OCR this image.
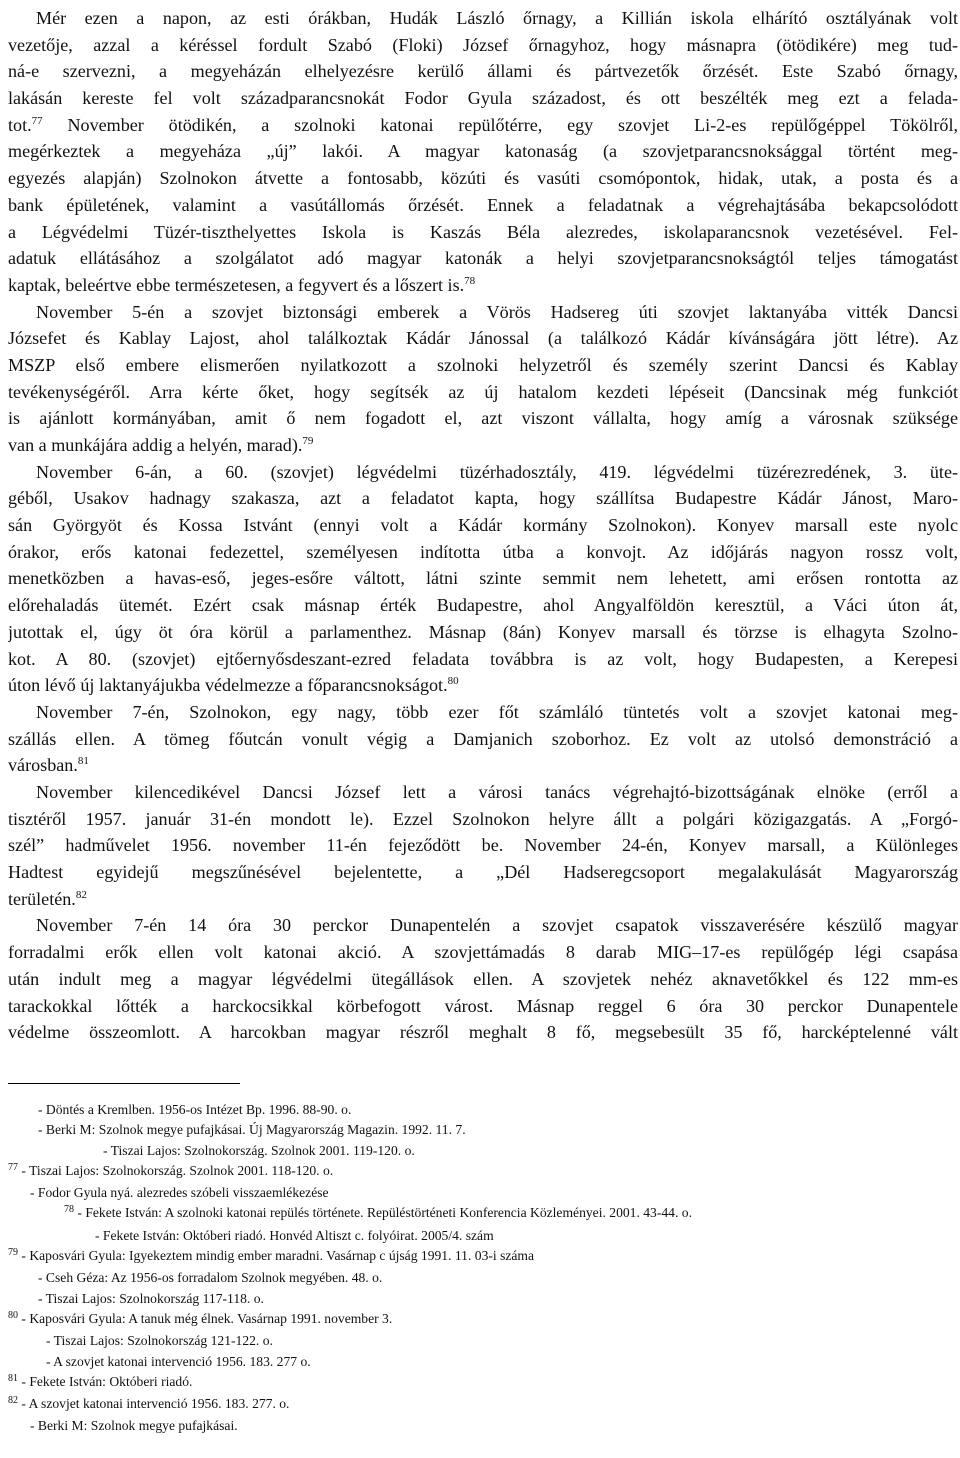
Mér ezen a napon, az esti órákban, Hudák László őrnagy, a Killián iskola elhárító osztályának volt
vezetője, azzal a kéréssel fordult Szabó (Floki) József őrnagyhoz, hogy másnapra (ötödikére) meg tud-
ná-e szervezni, a megyeházán elhelyezésre kerülő állami és pártvezetők őrzését. Este Szabó őrnagy,
lakásán kereste fel volt századparancsnokát Fodor Gyula századost, és ott beszélték meg ezt a felada-
tot.$^{77}$ November ötödikén, a szolnoki katonai repülőtérre, egy szovjet Li-2-es repülőgéppel Tökölről,
megérkeztek a megyeháza „új” lakói. A magyar katonaság (a szovjetparancsnoksággal történt meg-
egyezés alapján) Szolnokon átvette a fontosabb, közúti és vasúti csomópontok, hidak, utak, a posta és a
bank épületének, valamint a vasútállomás őrzését. Ennek a feladatnak a végrehajtásába bekapcsolódott
a Légvédelmi Tüzér-tiszthelyettes Iskola is Kaszás Béla alezredes, iskolaparancsnok vezetésével. Fel-
adatuk ellátásához a szolgálatot adó magyar katonák a helyi szovjetparancsnokságtól teljes támogatást
kaptak, beleértve ebbe természetesen, a fegyvert és a lőszert is.$^{78}$
November 5-én a szovjet biztonsági emberek a Vörös Hadsereg úti szovjet laktanyába vitték Dancsi
Józsefet és Kablay Lajost, ahol találkoztak Kádár Jánossal (a találkozó Kádár kívánságára jött létre). Az
MSZP első embere elismerően nyilatkozott a szolnoki helyzetről és személy szerint Dancsi és Kablay
tevékenységéről. Arra kérte őket, hogy segítsék az új hatalom kezdeti lépéseit (Dancsinak még funkciót
is ajánlott kormányában, amit ő nem fogadott el, azt viszont vállalta, hogy amíg a városnak szüksége
van a munkájára addig a helyén, marad).$^{79}$
November 6-án, a 60. (szovjet) légvédelmi tüzérhadosztály, 419. légvédelmi tüzérezredének, 3. üte-
géből, Usakov hadnagy szakasza, azt a feladatot kapta, hogy szállítsa Budapestre Kádár Jánost, Maro-
sán Györgyöt és Kossa Istvánt (ennyi volt a Kádár kormány Szolnokon). Konyev marsall este nyolc
órakor, erős katonai fedezettel, személyesen indította útba a konvojt. Az időjárás nagyon rossz volt,
menetközben a havas-eső, jeges-esőre váltott, látni szinte semmit nem lehetett, ami erősen rontotta az
előrehaladás ütemét. Ezért csak másnap érték Budapestre, ahol Angyalföldön keresztül, a Váci úton át,
jutottak el, úgy öt óra körül a parlamenthez. Másnap (8án) Konyev marsall és törzse is elhagyta Szolno-
kot. A 80. (szovjet) ejtőernyősdeszant-ezred feladata továbbra is az volt, hogy Budapesten, a Kerepesi
úton lévő új laktanyájukba védelmezze a főparancsnokságot.$^{80}$
November 7-én, Szolnokon, egy nagy, több ezer főt számláló tüntetés volt a szovjet katonai meg-
szállás ellen. A tömeg főutcán vonult végig a Damjanich szoborhoz. Ez volt az utolsó demonstráció a
városban.$^{81}$
November kilencedikével Dancsi József lett a városi tanács végrehajtó-bizottságának elnöke (erről a
tisztéről 1957. január 31-én mondott le). Ezzel Szolnokon helyre állt a polgári közigazgatás. A „Forgó-
szél” hadművelet 1956. november 11-én fejeződött be. November 24-én, Konyev marsall, a Különleges
Hadtest egyidejű megszűnésével bejelentette, a „Dél Hadseregcsoport megalakulását Magyarország
területén.$^{82}$
November 7-én 14 óra 30 perckor Dunapentelén a szovjet csapatok visszaverésére készülő magyar
forradalmi erők ellen volt katonai akció. A szovjettámadás 8 darab MIG–17-es repülőgép légi csapása
után indult meg a magyar légvédelmi ütegállások ellen. A szovjetek nehéz aknavetőkkel és 122 mm-es
tarackokkal lőtték a harckocsikkal körbefogott várost. Másnap reggel 6 óra 30 perckor Dunapentele
védelme összeomlott. A harcokban magyar részről meghalt 8 fő, megsebesült 35 fő, harcképtelenné vált
- Döntés a Kremlben. 1956-os Intézet Bp. 1996. 88-90. o.
- Berki M: Szolnok megye pufajkásai. Új Magyarország Magazin. 1992. 11. 7.
- Tiszai Lajos: Szolnokország. Szolnok 2001. 119-120. o.
$^{77}$ - Tiszai Lajos: Szolnokország. Szolnok 2001. 118-120. o.
- Fodor Gyula nyá. alezredes szóbeli visszaemlékezése
$^{78}$ - Fekete István: A szolnoki katonai repülés története. Repüléstörténeti Konferencia Közleményei. 2001. 43-44. o.
- Fekete István: Októberi riadó. Honvéd Altiszt c. folyóirat. 2005/4. szám
$^{79}$ - Kaposvári Gyula: Igyekeztem mindig ember maradni. Vasárnap c újság 1991. 11. 03-i száma
- Cseh Géza: Az 1956-os forradalom Szolnok megyében. 48. o.
- Tiszai Lajos: Szolnokország 117-118. o.
$^{80}$ - Kaposvári Gyula: A tanuk még élnek. Vasárnap 1991. november 3.
- Tiszai Lajos: Szolnokország 121-122. o.
- A szovjet katonai intervenció 1956. 183. 277 o.
$^{81}$ - Fekete István: Októberi riadó.
$^{82}$ - A szovjet katonai intervenció 1956. 183. 277. o.
- Berki M: Szolnok megye pufajkásai.
